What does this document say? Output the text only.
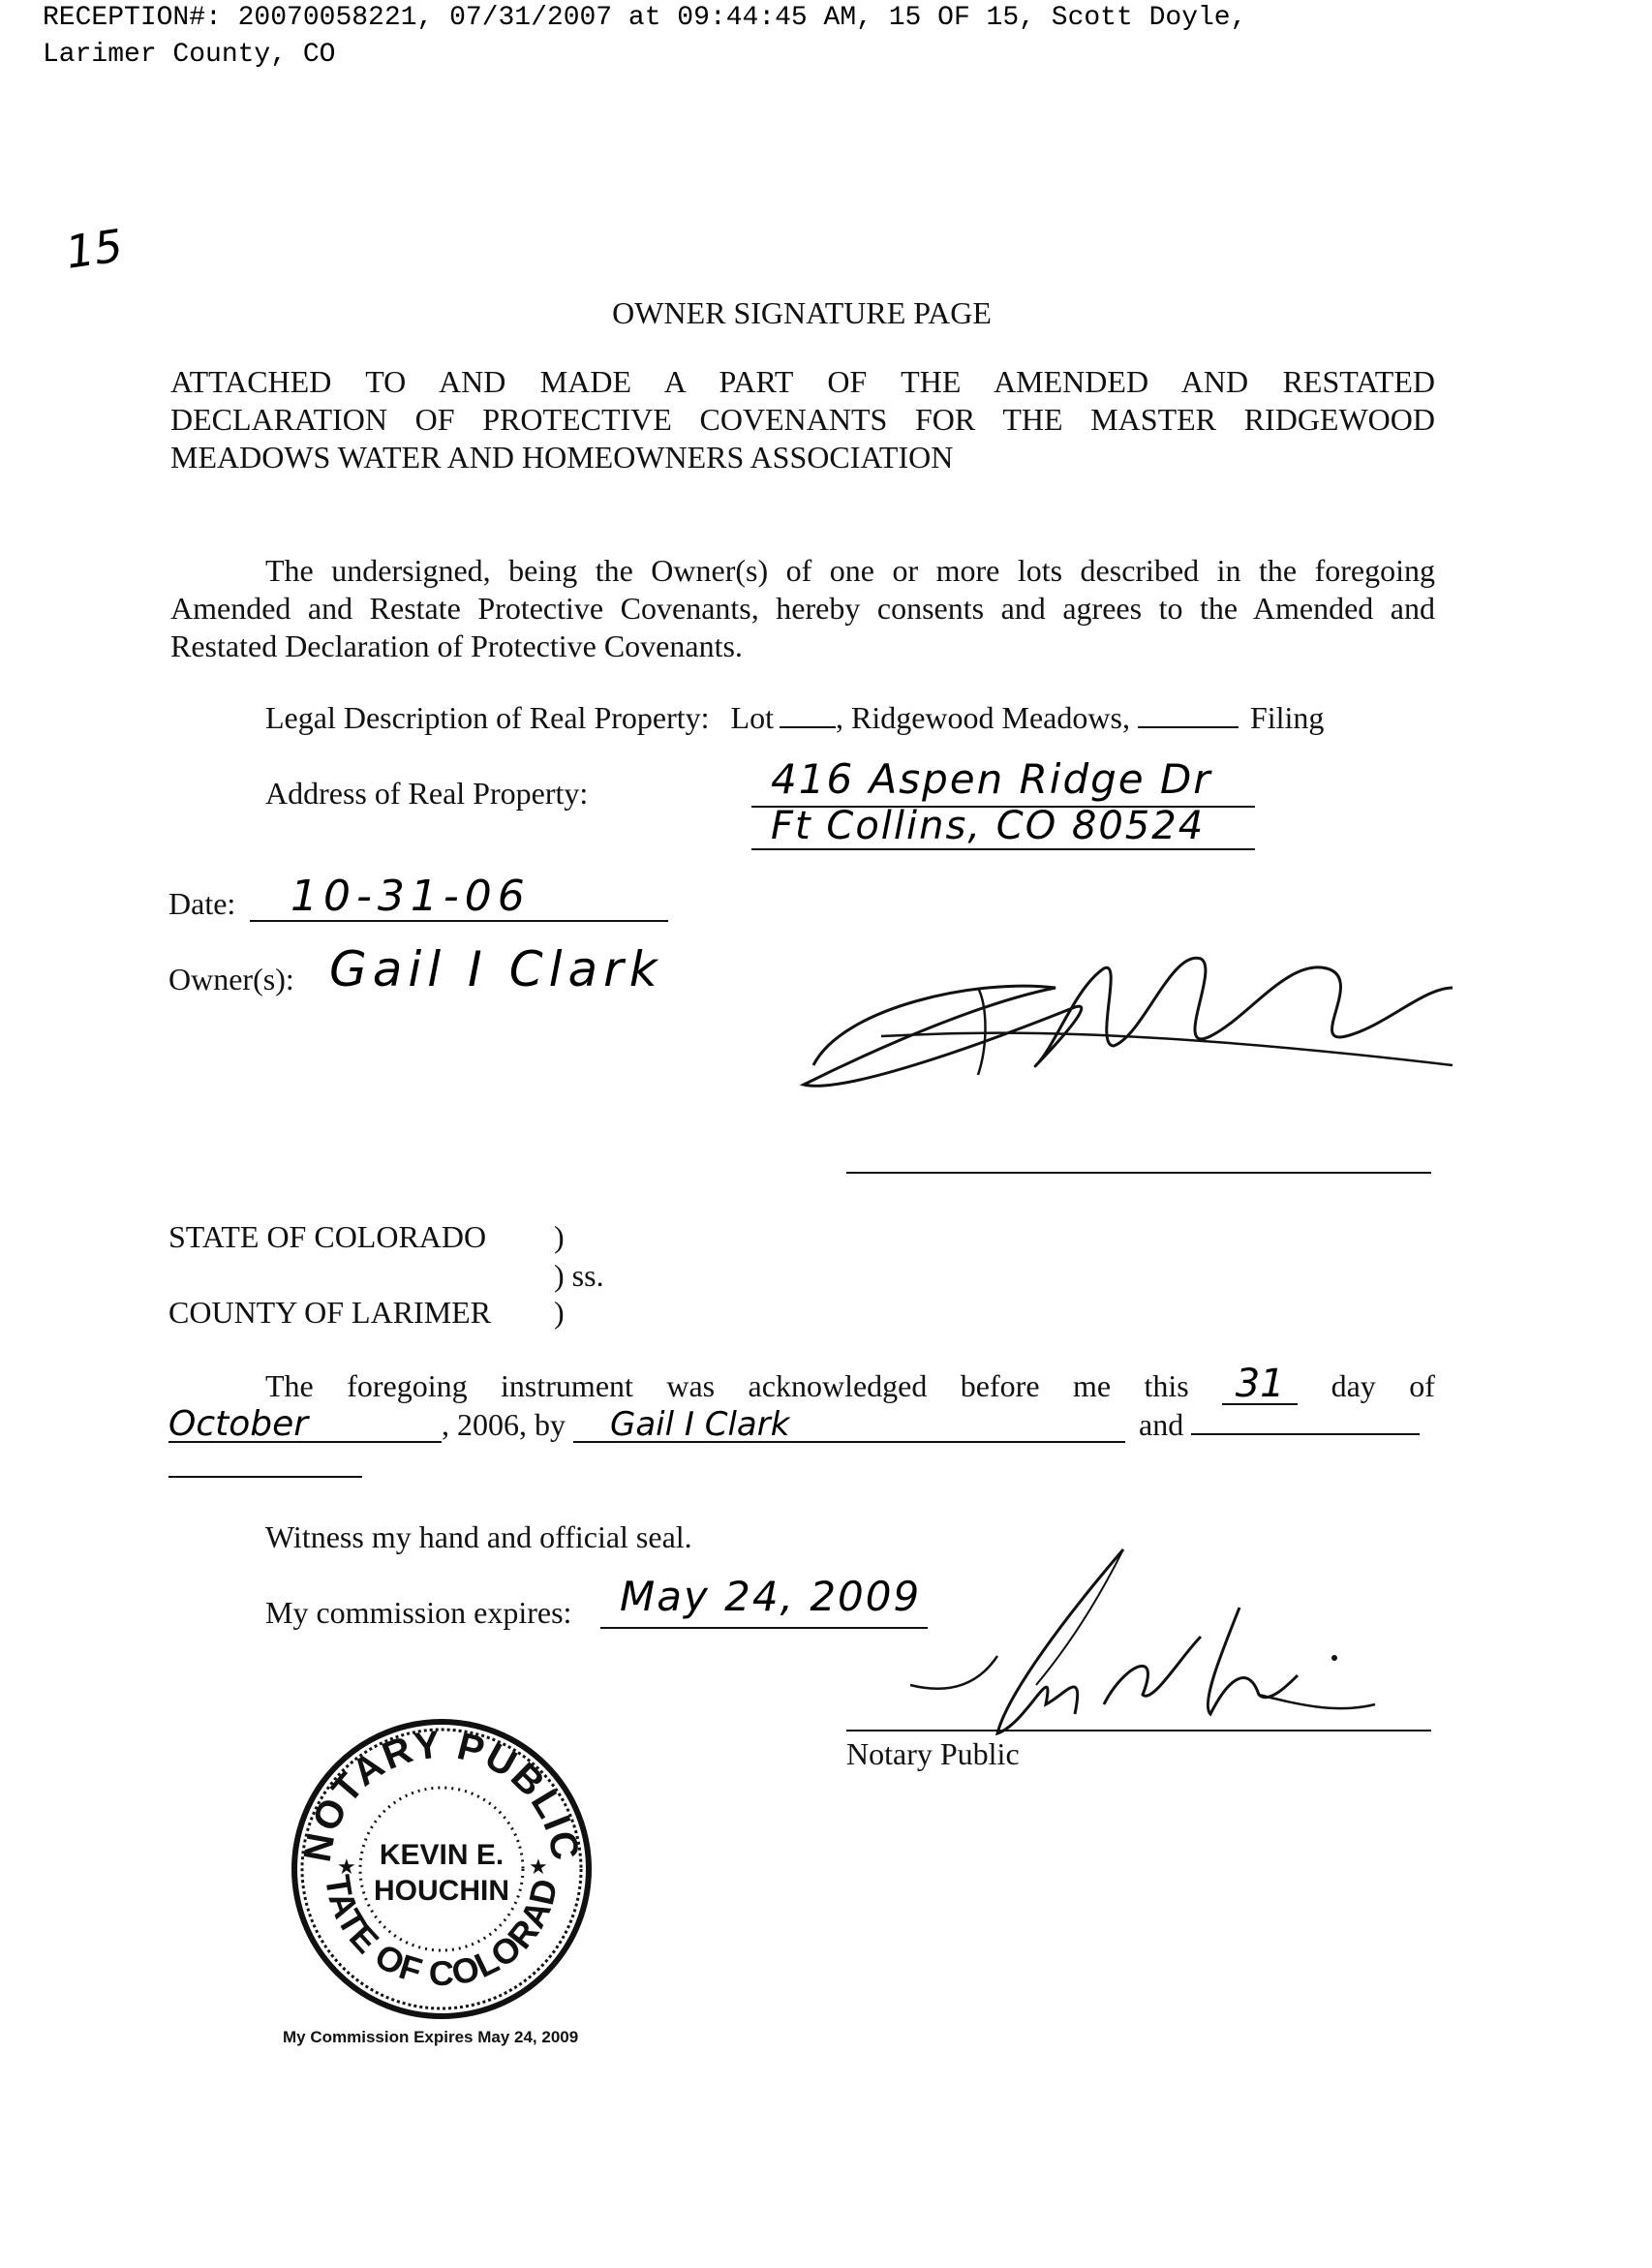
RECEPTION#: 20070058221, 07/31/2007 at 09:44:45 AM, 15 OF 15, Scott Doyle,
Larimer County, CO
15
OWNER SIGNATURE PAGE
ATTACHED TO AND MADE A PART OF THE AMENDED AND RESTATED
DECLARATION OF PROTECTIVE COVENANTS FOR THE MASTER RIDGEWOOD
MEADOWS WATER AND HOMEOWNERS ASSOCIATION
The undersigned, being the Owner(s) of one or more lots described in the foregoing
Amended and Restate Protective Covenants, hereby consents and agrees to the Amended and
Restated Declaration of Protective Covenants.
Legal Description of Real Property: Lot , Ridgewood Meadows,	Filing
Address of Real Property:	416 Aspen Ridge Dr
Ft Collins, CO 80524
Date: 10-31-06
Owner(s): Gail I Clark
STATE OF COLORADO )
) ss.
COUNTY OF LARIMER )
The foregoing instrument was acknowledged before me this	31	day of
October	, 2006, by Gail I Clark	and
Witness my hand and official seal.
My commission expires: May 24, 2009
Notary Public
NOTARY PUBLIC
TATE OF COLORAD
KEVIN E.
HOUCHIN
★	★
My Commission Expires May 24, 2009
